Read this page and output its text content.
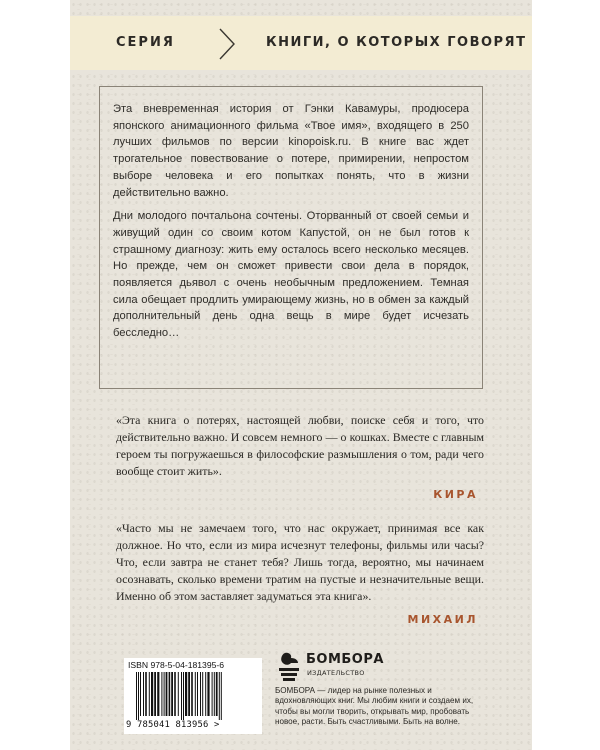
СЕРИЯ	КНИГИ, О КОТОРЫХ ГОВОРЯТ

Эта вневременная история от Гэнки Кавамуры, продюсера японского анимационного фильма «Твое имя», входящего в 250 лучших фильмов по версии kinopoisk.ru. В книге вас ждет трогательное повествование о потере, примирении, непростом выборе человека и его попытках понять, что в жизни действительно важно.

Дни молодого почтальона сочтены. Оторванный от своей семьи и живущий один со своим котом Капустой, он не был готов к страшному диагнозу: жить ему осталось всего несколько месяцев. Но прежде, чем он сможет привести свои дела в порядок, появляется дьявол с очень необычным предложением. Темная сила обещает продлить умирающему жизнь, но в обмен за каждый дополнительный день одна вещь в мире будет исчезать бесследно…

«Эта книга о потерях, настоящей любви, поиске себя и того, что действительно важно. И совсем немного — о кошках. Вместе с главным героем ты погружаешься в философские размышления о том, ради чего вообще стоит жить».
КИРА
«Часто мы не замечаем того, что нас окружает, принимая все как должное. Но что, если из мира исчезнут телефоны, фильмы или часы? Что, если завтра не станет тебя? Лишь тогда, вероятно, мы начинаем осознавать, сколько времени тратим на пустые и незначительные вещи. Именно об этом заставляет задуматься эта книга».
МИХАИЛ
ISBN 978-5-04-181395-6
9 785041 813956 >
БОМБОРА
ИЗДАТЕЛЬСТВО
БОМБОРА — лидер на рынке полезных и вдохновляющих книг. Мы любим книги и создаем их, чтобы вы могли творить, открывать мир, пробовать новое, расти. Быть счастливыми. Быть на волне.
